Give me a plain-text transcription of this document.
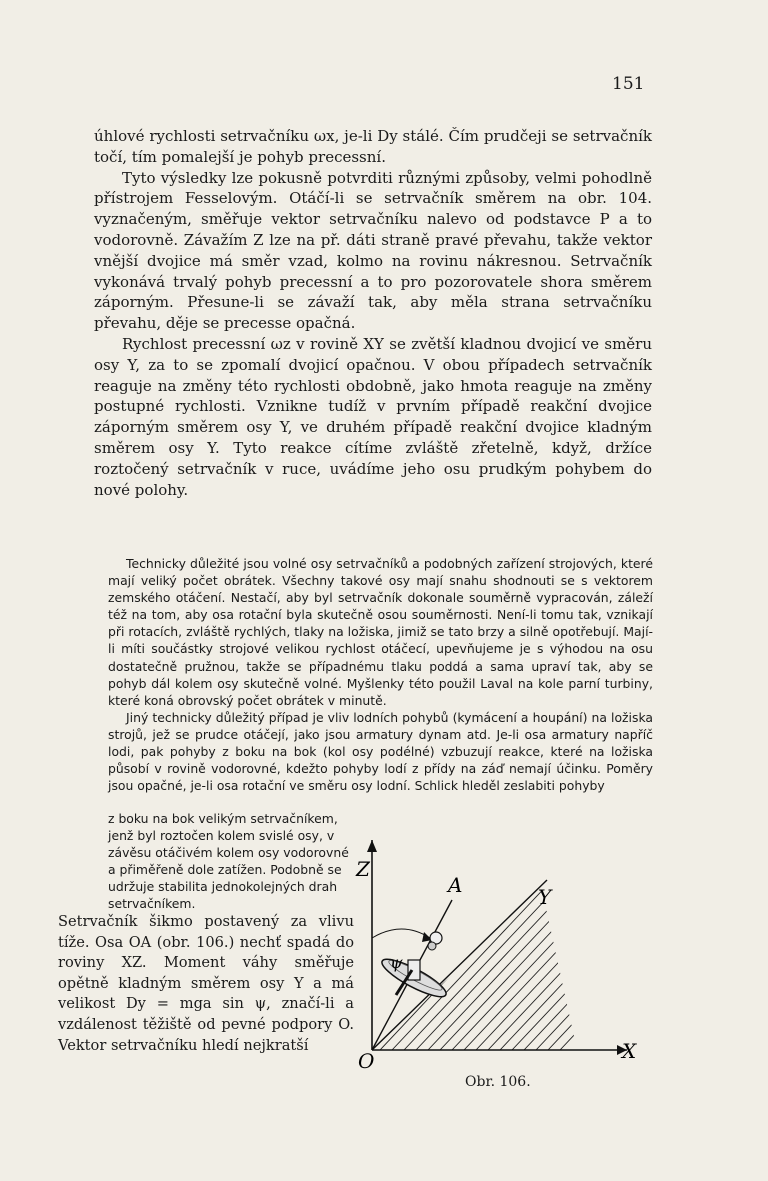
151

úhlové rychlosti setrvačníku ωx, je-li Dy stálé. Čím prudčeji se setrvačník točí, tím pomalejší je pohyb precessní.

Tyto výsledky lze pokusně potvrditi různými způsoby, velmi pohodlně přístrojem Fesselovým. Otáčí-li se setrvačník směrem na obr. 104. vyznačeným, směřuje vektor setrvačníku nalevo od podstavce P a to vodorovně. Závažím Z lze na př. dáti straně pravé převahu, takže vektor vnější dvojice má směr vzad, kolmo na rovinu nákresnou. Setrvačník vykonává trvalý pohyb precessní a to pro pozorovatele shora směrem záporným. Přesune-li se závaží tak, aby měla strana setrvačníku převahu, děje se precesse opačná.

Rychlost precessní ωz v rovině XY se zvětší kladnou dvojicí ve směru osy Y, za to se zpomalí dvojicí opačnou. V obou případech setrvačník reaguje na změny této rychlosti obdobně, jako hmota reaguje na změny postupné rychlosti. Vznikne tudíž v prvním případě reakční dvojice záporným směrem osy Y, ve druhém případě reakční dvojice kladným směrem osy Y. Tyto reakce cítíme zvláště zřetelně, když, držíce roztočený setrvačník v ruce, uvádíme jeho osu prudkým pohybem do nové polohy.

Technicky důležité jsou volné osy setrvačníků a podobných zařízení strojových, které mají veliký počet obrátek. Všechny takové osy mají snahu shodnouti se s vektorem zemského otáčení. Nestačí, aby byl setrvačník dokonale souměrně vypracován, záleží též na tom, aby osa rotační byla skutečně osou souměrnosti. Není-li tomu tak, vznikají při rotacích, zvláště rychlých, tlaky na ložiska, jimiž se tato brzy a silně opotřebují. Mají-li míti součástky strojové velikou rychlost otáčecí, upevňujeme je s výhodou na osu dostatečně pružnou, takže se případnému tlaku poddá a sama upraví tak, aby se pohyb dál kolem osy skutečně volné. Myšlenky této použil Laval na kole parní turbiny, které koná obrovský počet obrátek v minutě.

Jiný technicky důležitý případ je vliv lodních pohybů (kymácení a houpání) na ložiska strojů, jež se prudce otáčejí, jako jsou armatury dynam atd. Je-li osa armatury napříč lodi, pak pohyby z boku na bok (kol osy podélné) vzbuzují reakce, které na ložiska působí v rovině vodorovné, kdežto pohyby lodí z přídy na záď nemají účinku. Poměry jsou opačné, je-li osa rotační ve směru osy lodní. Schlick hleděl zeslabiti pohyby

z boku na bok velikým setrvačníkem, jenž byl roztočen kolem svislé osy, v závěsu otáčivém kolem osy vodorovné a přiměřeně dole zatížen. Podobně se udržuje stabilita jednokolejných drah setrvačníkem.

Setrvačník šikmo postavený za vlivu tíže. Osa OA (obr. 106.) nechť spadá do roviny XZ. Moment váhy směřuje opětně kladným směrem osy Y a má velikost Dy = mga sin ψ, značí-li a vzdálenost těžiště od pevné podpory O. Vektor setrvačníku hledí nejkratší

Z
A	Y
X
O
ψ
Obr. 106.
